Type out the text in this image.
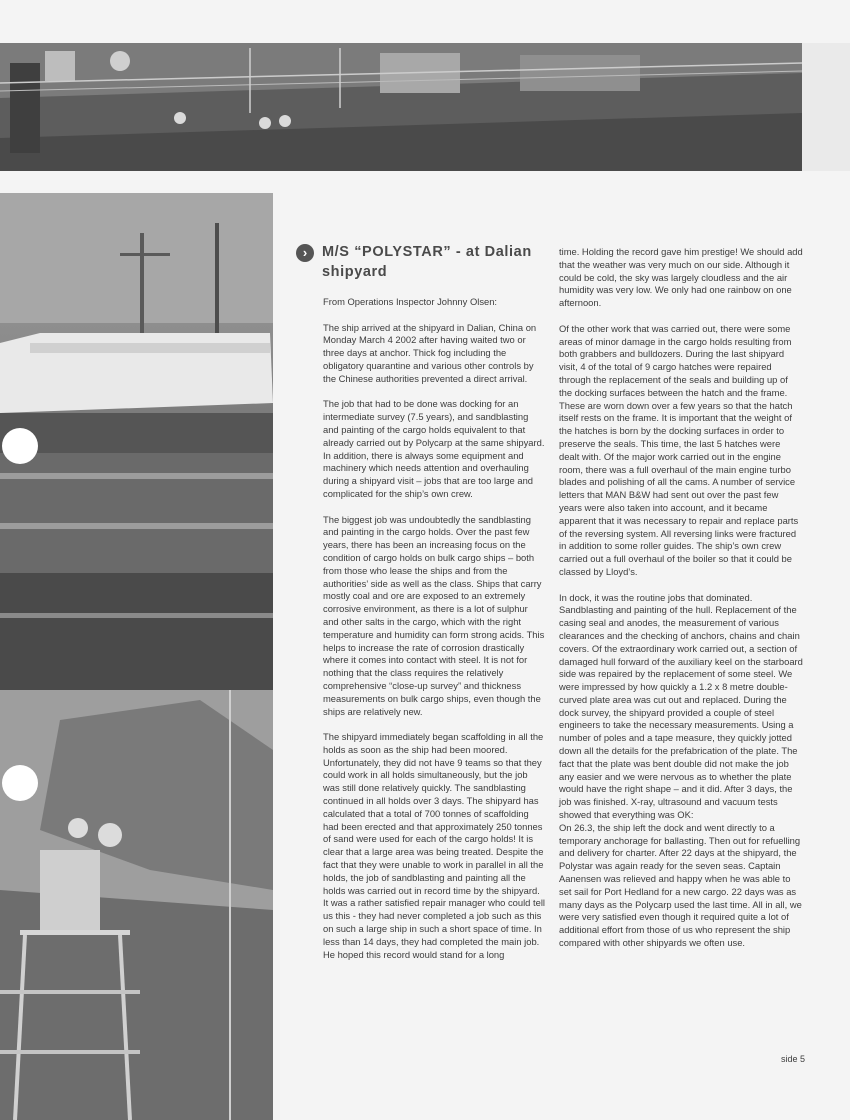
›	M/S “POLYSTAR” - at Dalian shipyard

From Operations Inspector Johnny Olsen:

The ship arrived at the shipyard in Dalian, China on Monday March 4 2002 after having waited two or three days at anchor. Thick fog including the obligatory quarantine and various other controls by the Chinese authorities prevented a direct arrival.

The job that had to be done was docking for an intermediate survey (7.5 years), and sandblasting and painting of the cargo holds equivalent to that already carried out by Polycarp at the same shipyard. In addition, there is always some equipment and machinery which needs attention and overhauling during a shipyard visit – jobs that are too large and complicated for the ship’s own crew.

The biggest job was undoubtedly the sandblasting and painting in the cargo holds. Over the past few years, there has been an increasing focus on the condition of cargo holds on bulk cargo ships – both from those who lease the ships and from the authorities’ side as well as the class. Ships that carry mostly coal and ore are exposed to an extremely corrosive environment, as there is a lot of sulphur and other salts in the cargo, which with the right temperature and humidity can form strong acids. This helps to increase the rate of corrosion drastically where it comes into contact with steel. It is not for nothing that the class requires the relatively comprehensive “close-up survey” and thickness measurements on bulk cargo ships, even though the ships are relatively new.

The shipyard immediately began scaffolding in all the holds as soon as the ship had been moored. Unfortunately, they did not have 9 teams so that they could work in all holds simultaneously, but the job was still done relatively quickly. The sandblasting continued in all holds over 3 days. The shipyard has calculated that a total of 700 tonnes of scaffolding had been erected and that approximately 250 tonnes of sand were used for each of the cargo holds! It is clear that a large area was being treated. Despite the fact that they were unable to work in parallel in all the holds, the job of sandblasting and painting all the holds was carried out in record time by the shipyard. It was a rather satisfied repair manager who could tell us this - they had never completed a job such as this on such a large ship in such a short space of time. In less than 14 days, they had completed the main job. He hoped this record would stand for a long

time. Holding the record gave him prestige! We should add that the weather was very much on our side. Although it could be cold, the sky was largely cloudless and the air humidity was very low. We only had one rainbow on one afternoon.

Of the other work that was carried out, there were some areas of minor damage in the cargo holds resulting from both grabbers and bulldozers. During the last shipyard visit, 4 of the total of 9 cargo hatches were repaired through the replacement of the seals and building up of the docking surfaces between the hatch and the frame. These are worn down over a few years so that the hatch itself rests on the frame. It is important that the weight of the hatches is born by the docking surfaces in order to preserve the seals. This time, the last 5 hatches were dealt with. Of the major work carried out in the engine room, there was a full overhaul of the main engine turbo blades and polishing of all the cams. A number of service letters that MAN B&W had sent out over the past few years were also taken into account, and it became apparent that it was necessary to repair and replace parts of the reversing system. All reversing links were fractured in addition to some roller guides. The ship’s own crew carried out a full overhaul of the boiler so that it could be classed by Lloyd’s.

In dock, it was the routine jobs that dominated. Sandblasting and painting of the hull. Replacement of the casing seal and anodes, the measurement of various clearances and the checking of anchors, chains and chain covers. Of the extraordinary work carried out, a section of damaged hull forward of the auxiliary keel on the starboard side was repaired by the replacement of some steel. We were impressed by how quickly a 1.2 x 8 metre double-curved plate area was cut out and replaced. During the dock survey, the shipyard provided a couple of steel engineers to take the necessary measurements. Using a number of poles and a tape measure, they quickly jotted down all the details for the prefabrication of the plate. The fact that the plate was bent double did not make the job any easier and we were nervous as to whether the plate would have the right shape – and it did. After 3 days, the job was finished. X-ray, ultrasound and vacuum tests showed that everything was OK:

On 26.3, the ship left the dock and went directly to a temporary anchorage for ballasting. Then out for refuelling and delivery for charter. After 22 days at the shipyard, the Polystar was again ready for the seven seas. Captain Aanensen was relieved and happy when he was able to set sail for Port Hedland for a new cargo. 22 days was as many days as the Polycarp used the last time. All in all, we were very satisfied even though it required quite a lot of additional effort from those of us who represent the ship compared with other shipyards we often use.

side 5
